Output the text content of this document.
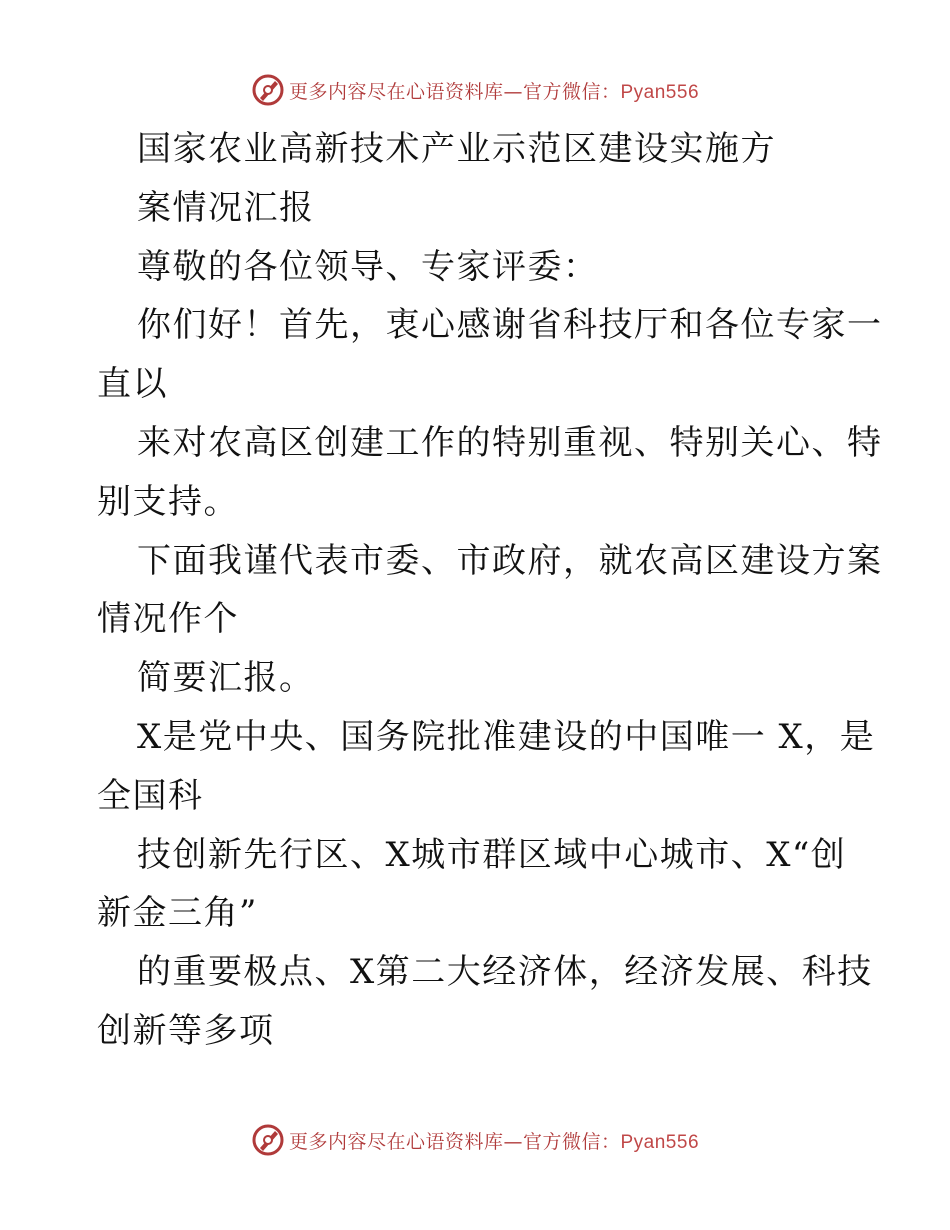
更多内容尽在心语资料库—官方微信：Pyan556
国家农业高新技术产业示范区建设实施方
案情况汇报
尊敬的各位领导、专家评委：
你们好！首先，衷心感谢省科技厅和各位专家一
直以
来对农高区创建工作的特别重视、特别关心、特
别支持。
下面我谨代表市委、市政府，就农高区建设方案
情况作个
简要汇报。
X是党中央、国务院批准建设的中国唯一 X，是
全国科
技创新先行区、X城市群区域中心城市、X“创
新金三角”
的重要极点、X第二大经济体，经济发展、科技
创新等多项
更多内容尽在心语资料库—官方微信：Pyan556
